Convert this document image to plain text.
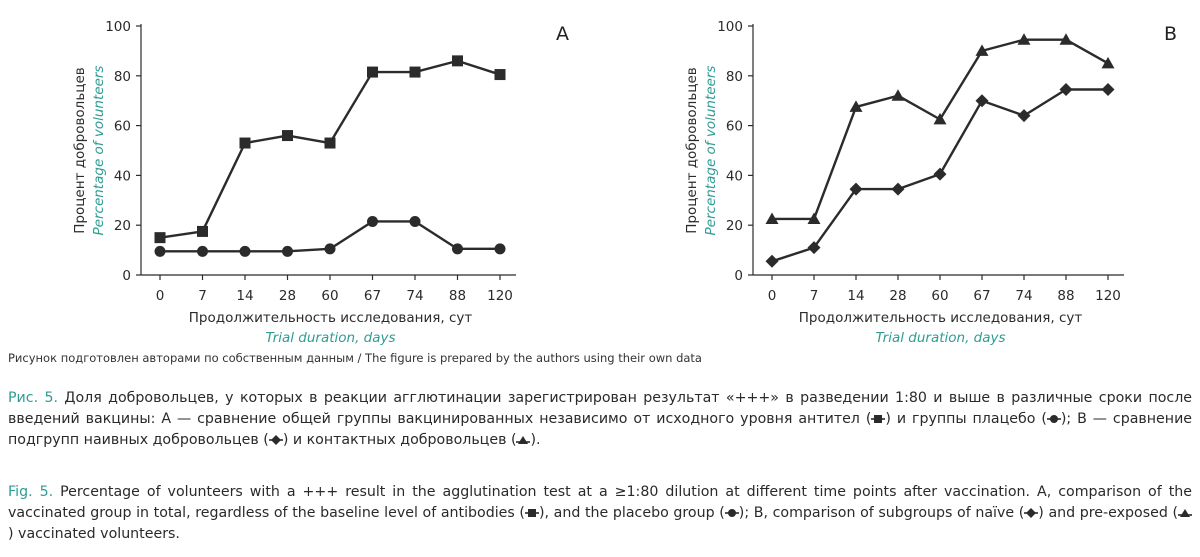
0
20
40
60
80
100
0	7 14 28 60 67 74 88 120
Продолжительность исследования, сут
Trial duration, days
Процент добровольцев Percentage of volunteers
A
0
20
40
60
80
100
0 7 14 28 60 67 74 88 120
Продолжительность исследования, сут
Trial duration, days
Процент добровольцев Percentage of volunteers
B
Рисунок подготовлен авторами по собственным данным / The figure is prepared by the authors using their own data
Рис. 5. Доля добровольцев, у которых в реакции агглютинации зарегистрирован результат «+++» в разведении 1:80 и выше в различные сроки после введений вакцины: А — сравнение общей группы вакцинированных независимо от исходного уровня антител ( ) и группы плацебо ( ); В — сравнение подгрупп наивных добровольцев ( ) и контактных добровольцев ( ).
Fig. 5. Percentage of volunteers with a +++ result in the agglutination test at a ≥1:80 dilution at different time points after vaccination. A, comparison of the vaccinated group in total, regardless of the baseline level of antibodies ( ), and the placebo group ( ); B, comparison of subgroups of naïve ( ) and pre-exposed () vaccinated volunteers.
